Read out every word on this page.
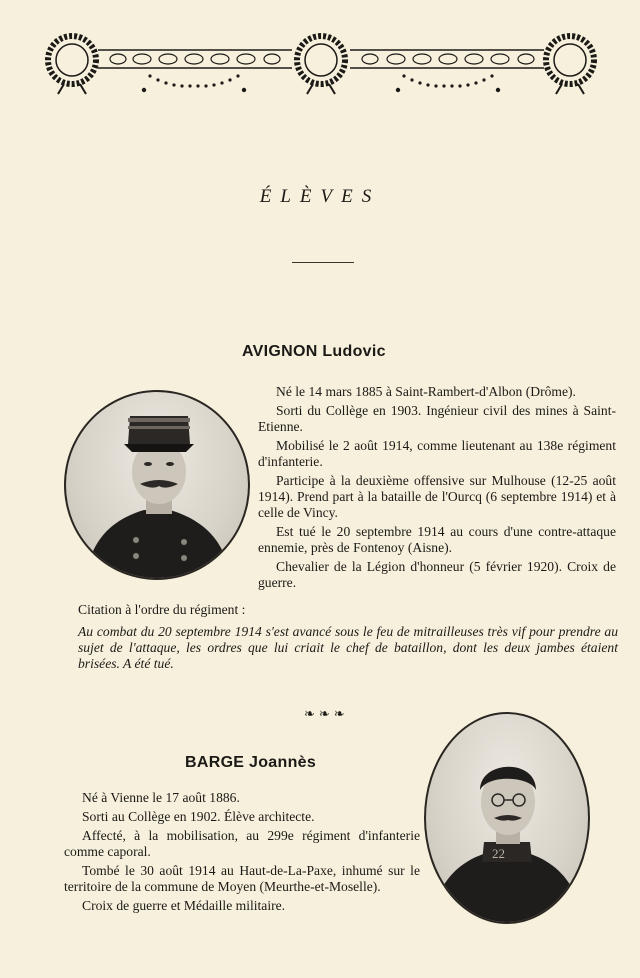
ÉLÈVES
AVIGNON Ludovic

Né le 14 mars 1885 à Saint-Rambert-d'Albon (Drôme).

Sorti du Collège en 1903. Ingénieur civil des mines à Saint-Etienne.

Mobilisé le 2 août 1914, comme lieutenant au 138e régiment d'infanterie.

Participe à la deuxième offensive sur Mulhouse (12-25 août 1914). Prend part à la bataille de l'Ourcq (6 septembre 1914) et à celle de Vincy.

Est tué le 20 septembre 1914 au cours d'une contre-attaque ennemie, près de Fontenoy (Aisne).

Chevalier de la Légion d'honneur (5 février 1920). Croix de guerre.

Citation à l'ordre du régiment :
Au combat du 20 septembre 1914 s'est avancé sous le feu de mitrailleuses très vif pour prendre au sujet de l'attaque, les ordres que lui criait le chef de bataillon, dont les deux jambes étaient brisées. A été tué.
❧❧❧
BARGE Joannès

Né à Vienne le 17 août 1886.

Sorti au Collège en 1902. Élève architecte.

Affecté, à la mobilisation, au 299e régiment d'infanterie comme caporal.

Tombé le 30 août 1914 au Haut-de-La-Paxe, inhumé sur le territoire de la commune de Moyen (Meurthe-et-Moselle).

Croix de guerre et Médaille militaire.

22
